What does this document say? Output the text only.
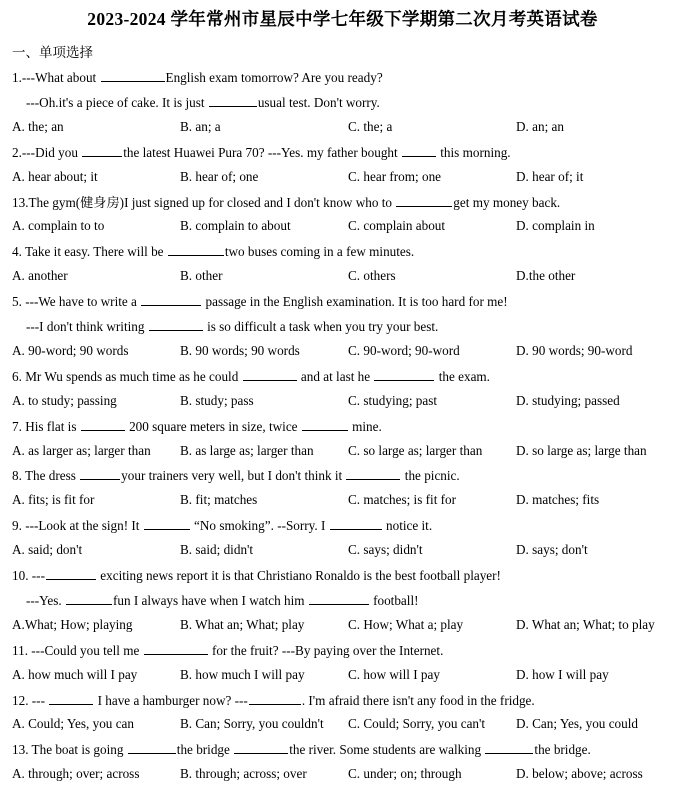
2023-2024 学年常州市星辰中学七年级下学期第二次月考英语试卷
一、单项选择
1.---What about	English exam tomorrow? Are you ready?
---Oh.it's a piece of cake. It is just	usual test. Don't worry.
A. the; an	B. an; a	C. the; a	D. an; an
2.---Did you	the latest Huawei Pura 70? ---Yes. my father bought	this morning.
A. hear about; it	B. hear of; one	C. hear from; one	D. hear of; it
13.The gym(健身房)I just signed up for closed and I don't know who to	get my money back.
A. complain to to	B. complain to about	C. complain about	D. complain in
4. Take it easy. There will be	two buses coming in a few minutes.
A. another	B. other	C. others	D.the other
5. ---We have to write a	passage in the English examination. It is too hard for me!
---I don't think writing	is so difficult a task when you try your best.
A. 90-word; 90 words	B. 90 words; 90 words	C. 90-word; 90-word	D. 90 words; 90-word
6. Mr Wu spends as much time as he could	and at last he	the exam.
A. to study; passing	B. study; pass	C. studying; past	D. studying; passed
7. His flat is	200 square meters in size, twice	mine.
A. as larger as; larger than B. as large as; larger than	C. so large as; larger than	D. so large as; large than
8. The dress	your trainers very well, but I don't think it	the picnic.
A. fits; is fit for	B. fit; matches	C. matches; is fit for	D. matches; fits
9. ---Look at the sign! It	“No smoking”. --Sorry. I	notice it.
A. said; don't	B. said; didn't	C. says; didn't	D. says; don't
10. ---	exciting news report it is that Christiano Ronaldo is the best football player!
---Yes.	fun I always have when I watch him	football!
A.What; How; playing	B. What an; What; play	C. How; What a; play	D. What an; What; to play
11. ---Could you tell me	for the fruit? ---By paying over the Internet.
A. how much will I pay	B. how much I will pay	C. how will I pay	D. how I will pay
12. ---	I have a hamburger now? ---	. I'm afraid there isn't any food in the fridge.
A. Could; Yes, you can	B. Can; Sorry, you couldn't C. Could; Sorry, you can't D. Can; Yes, you could
13. The boat is going	the bridge	the river. Some students are walking	the bridge.
A. through; over; across	B. through; across; over	C. under; on; through	D. below; above; across
